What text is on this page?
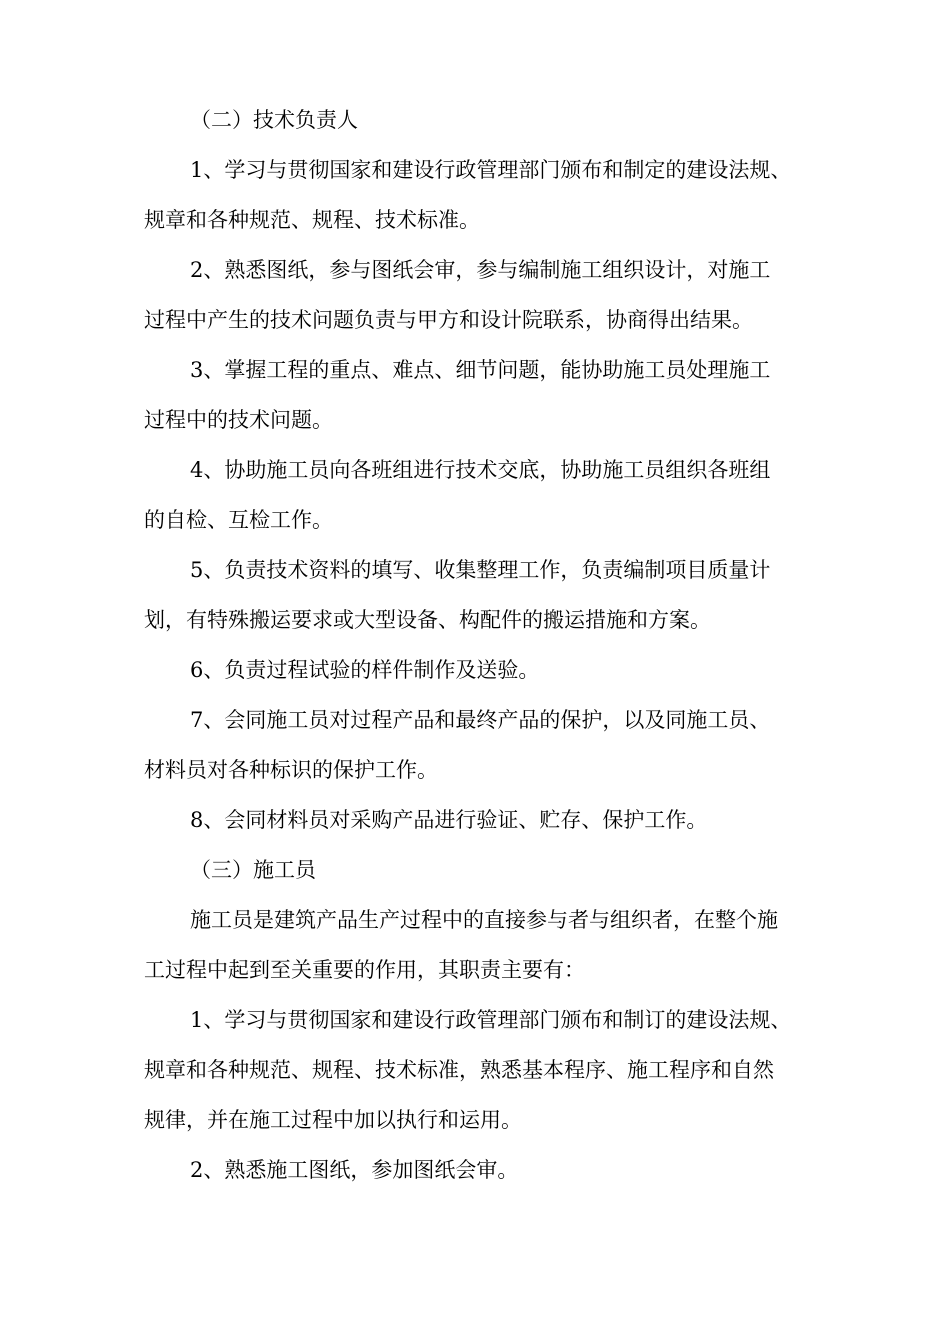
（二）技术负责人

1、学习与贯彻国家和建设行政管理部门颁布和制定的建设法规、

规章和各种规范、规程、技术标准。

2、熟悉图纸，参与图纸会审，参与编制施工组织设计，对施工

过程中产生的技术问题负责与甲方和设计院联系，协商得出结果。

3、掌握工程的重点、难点、细节问题，能协助施工员处理施工

过程中的技术问题。

4、协助施工员向各班组进行技术交底，协助施工员组织各班组

的自检、互检工作。

5、负责技术资料的填写、收集整理工作，负责编制项目质量计

划，有特殊搬运要求或大型设备、构配件的搬运措施和方案。

6、负责过程试验的样件制作及送验。

7、会同施工员对过程产品和最终产品的保护，以及同施工员、

材料员对各种标识的保护工作。

8、会同材料员对采购产品进行验证、贮存、保护工作。

（三）施工员

施工员是建筑产品生产过程中的直接参与者与组织者，在整个施

工过程中起到至关重要的作用，其职责主要有：

1、学习与贯彻国家和建设行政管理部门颁布和制订的建设法规、

规章和各种规范、规程、技术标准，熟悉基本程序、施工程序和自然

规律，并在施工过程中加以执行和运用。

2、熟悉施工图纸，参加图纸会审。
